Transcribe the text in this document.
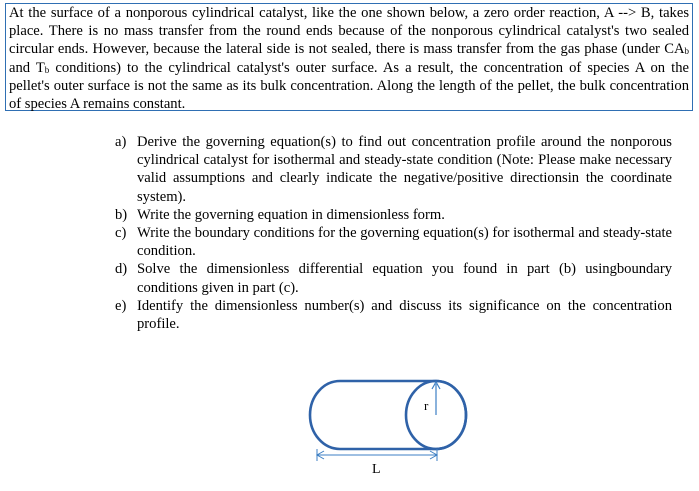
At the surface of a nonporous cylindrical catalyst, like the one shown below, a zero order reaction, A --> B, takes place. There is no mass transfer from the round ends because of the nonporous cylindrical catalyst's two sealed circular ends. However, because the lateral side is not sealed, there is mass transfer from the gas phase (under CAb and Tb conditions) to the cylindrical catalyst's outer surface. As a result, the concentration of species A on the pellet's outer surface is not the same as its bulk concentration. Along the length of the pellet, the bulk concentration of species A remains constant.
a) Derive the governing equation(s) to find out concentration profile around the nonporous cylindrical catalyst for isothermal and steady-state condition (Note: Please make necessary valid assumptions and clearly indicate the negative/positive directionsin the coordinate system).
b) Write the governing equation in dimensionless form.
c) Write the boundary conditions for the governing equation(s) for isothermal and steady-state condition.
d) Solve the dimensionless differential equation you found in part (b) usingboundary conditions given in part (c).
e) Identify the dimensionless number(s) and discuss its significance on the concentration profile.
r
L
